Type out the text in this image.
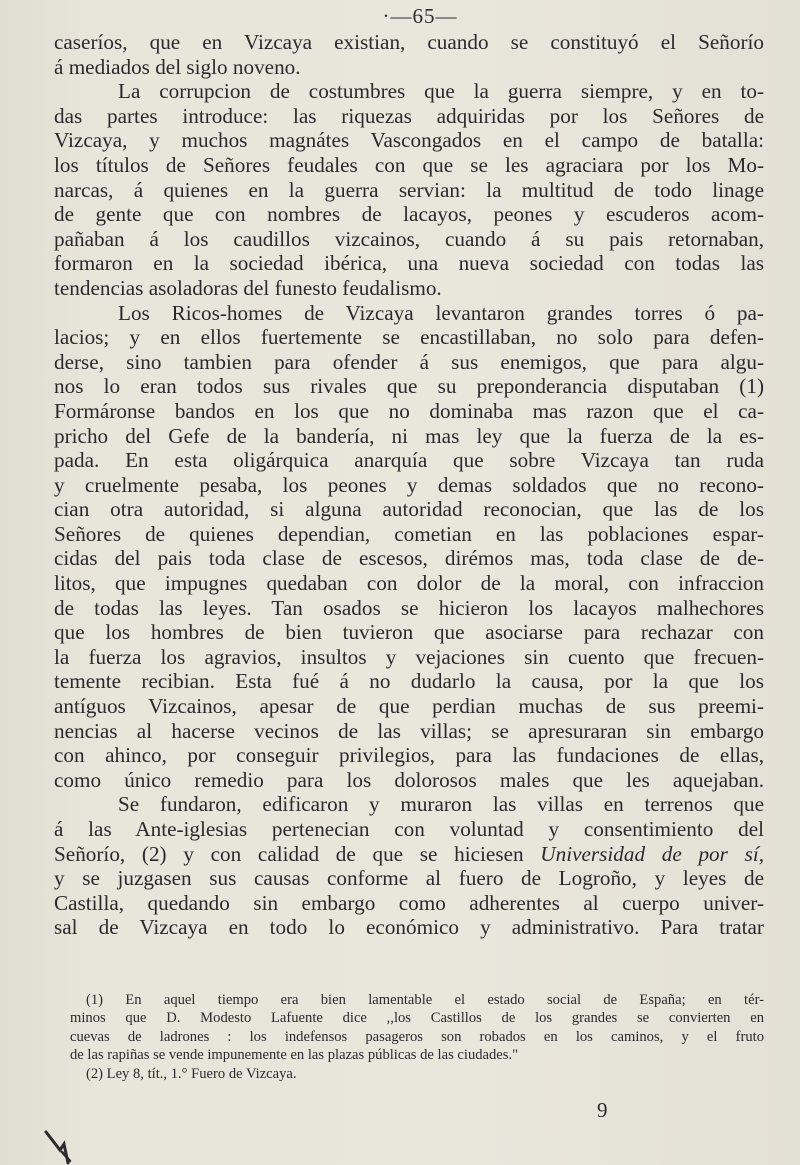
·—65—
caseríos, que en Vizcaya existian, cuando se constituyó el Señorío
á mediados del siglo noveno.
La corrupcion de costumbres que la guerra siempre, y en to-
das partes introduce: las riquezas adquiridas por los Señores de
Vizcaya, y muchos magnátes Vascongados en el campo de batalla:
los títulos de Señores feudales con que se les agraciara por los Mo-
narcas, á quienes en la guerra servian: la multitud de todo linage
de gente que con nombres de lacayos, peones y escuderos acom-
pañaban á los caudillos vizcainos, cuando á su pais retornaban,
formaron en la sociedad ibérica, una nueva sociedad con todas las
tendencias asoladoras del funesto feudalismo.
Los Ricos-homes de Vizcaya levantaron grandes torres ó pa-
lacios; y en ellos fuertemente se encastillaban, no solo para defen-
derse, sino tambien para ofender á sus enemigos, que para algu-
nos lo eran todos sus rivales que su preponderancia disputaban (1)
Formáronse bandos en los que no dominaba mas razon que el ca-
pricho del Gefe de la bandería, ni mas ley que la fuerza de la es-
pada. En esta oligárquica anarquía que sobre Vizcaya tan ruda
y cruelmente pesaba, los peones y demas soldados que no recono-
cian otra autoridad, si alguna autoridad reconocian, que las de los
Señores de quienes dependian, cometian en las poblaciones espar-
cidas del pais toda clase de escesos, dirémos mas, toda clase de de-
litos, que impugnes quedaban con dolor de la moral, con infraccion
de todas las leyes. Tan osados se hicieron los lacayos malhechores
que los hombres de bien tuvieron que asociarse para rechazar con
la fuerza los agravios, insultos y vejaciones sin cuento que frecuen-
temente recibian. Esta fué á no dudarlo la causa, por la que los
antíguos Vizcainos, apesar de que perdian muchas de sus preemi-
nencias al hacerse vecinos de las villas; se apresuraran sin embargo
con ahinco, por conseguir privilegios, para las fundaciones de ellas,
como único remedio para los dolorosos males que les aquejaban.
Se fundaron, edificaron y muraron las villas en terrenos que
á las Ante-iglesias pertenecian con voluntad y consentimiento del
Señorío, (2) y con calidad de que se hiciesen Universidad de por sí,
y se juzgasen sus causas conforme al fuero de Logroño, y leyes de
Castilla, quedando sin embargo como adherentes al cuerpo univer-
sal de Vizcaya en todo lo económico y administrativo. Para tratar
(1) En aquel tiempo era bien lamentable el estado social de España; en tér-
minos que D. Modesto Lafuente dice ,,los Castillos de los grandes se convierten en
cuevas de ladrones : los indefensos pasageros son robados en los caminos, y el fruto
de las rapiñas se vende impunemente en las plazas públicas de las ciudades."
(2) Ley 8, tít., 1.° Fuero de Vizcaya.
9
